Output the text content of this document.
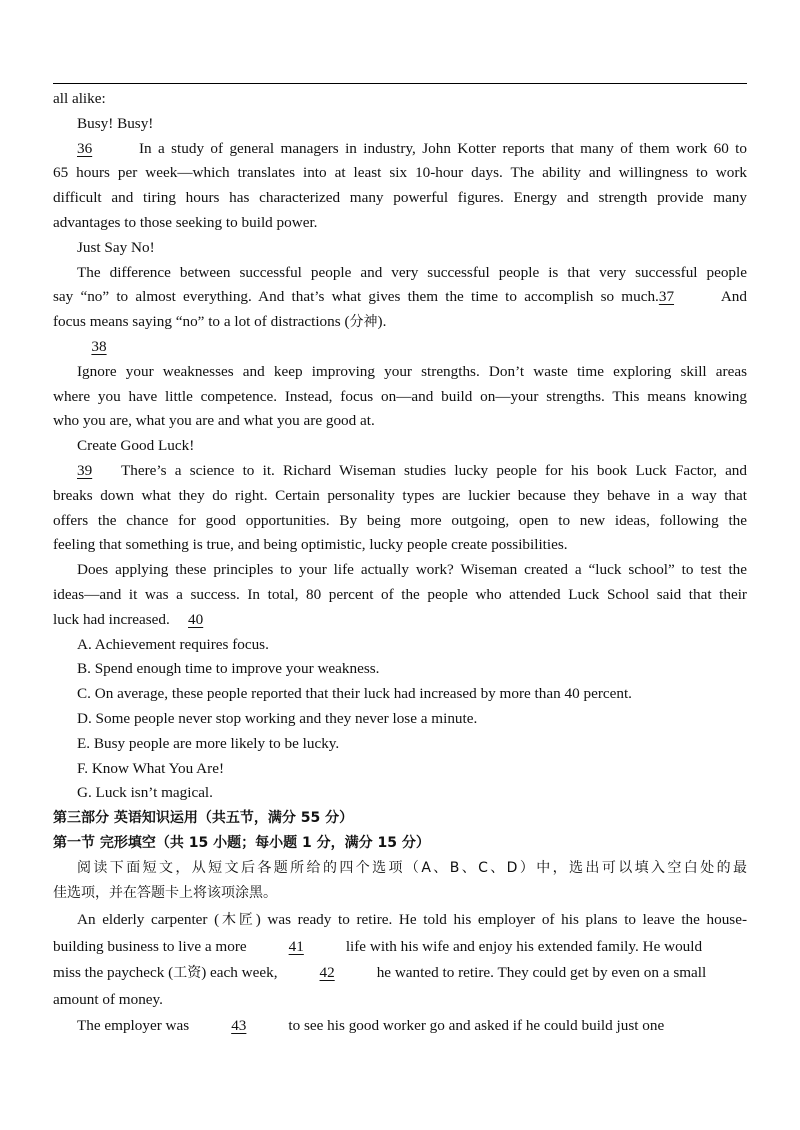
all alike:
Busy! Busy!
36	In a study of general managers in industry, John Kotter reports that many of them work 60 to
65 hours per week—which translates into at least six 10-hour days. The ability and willingness to work
difficult and tiring hours has characterized many powerful figures. Energy and strength provide many
advantages to those seeking to build power.
Just Say No!
The difference between successful people and very successful people is that very successful people
say “no” to almost everything. And that’s what gives them the time to accomplish so much.37	And
focus means saying “no” to a lot of distractions (分神).
38
Ignore your weaknesses and keep improving your strengths. Don’t waste time exploring skill areas
where you have little competence. Instead, focus on—and build on—your strengths. This means knowing
who you are, what you are and what you are good at.
Create Good Luck!
39 There’s a science to it. Richard Wiseman studies lucky people for his book Luck Factor, and
breaks down what they do right. Certain personality types are luckier because they behave in a way that
offers the chance for good opportunities. By being more outgoing, open to new ideas, following the
feeling that something is true, and being optimistic, lucky people create possibilities.
Does applying these principles to your life actually work? Wiseman created a “luck school” to test the
ideas—and it was a success. In total, 80 percent of the people who attended Luck School said that their
luck had increased. 40
A. Achievement requires focus.
B. Spend enough time to improve your weakness.
C. On average, these people reported that their luck had increased by more than 40 percent.
D. Some people never stop working and they never lose a minute.
E. Busy people are more likely to be lucky.
F. Know What You Are!
G. Luck isn’t magical.
第三部分 英语知识运用（共五节，满分 55 分）
第一节 完形填空（共 15 小题；每小题 1 分，满分 15 分）
阅读下面短文，从短文后各题所给的四个选项（A、B、C、D）中，选出可以填入空白处的最
佳选项，并在答题卡上将该项涂黑。
An elderly carpenter (木匠) was ready to retire. He told his employer of his plans to leave the house-
building business to live a more	41	life with his wife and enjoy his extended family. He would
miss the paycheck (工资) each week,	42	he wanted to retire. They could get by even on a small
amount of money.
The employer was	43	to see his good worker go and asked if he could build just one
